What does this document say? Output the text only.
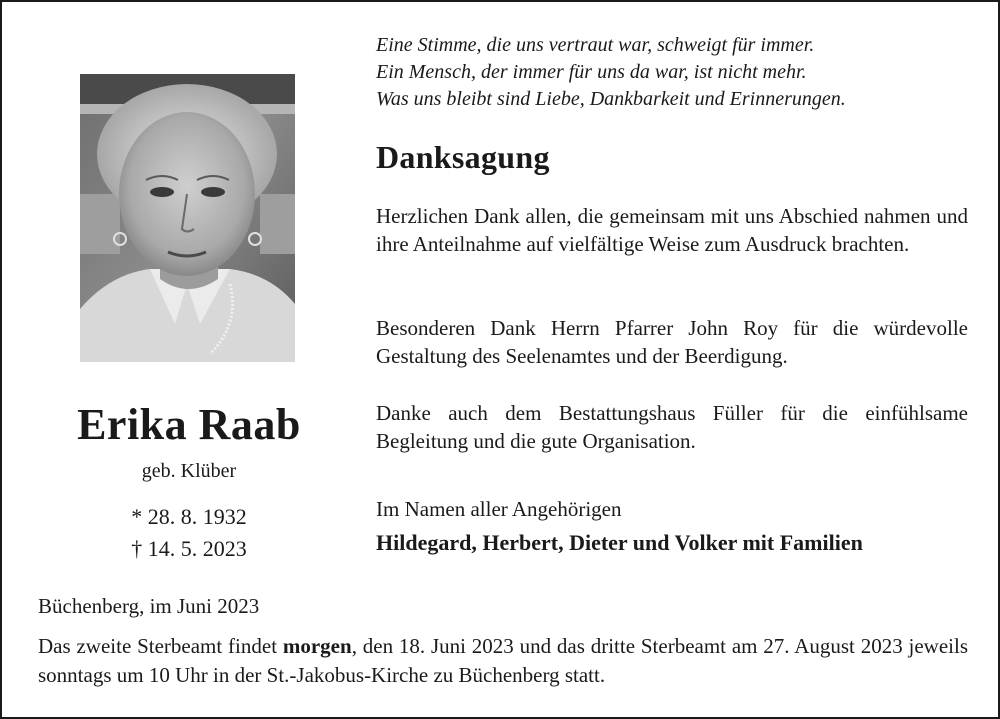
Eine Stimme, die uns vertraut war, schweigt für immer.
Ein Mensch, der immer für uns da war, ist nicht mehr.
Was uns bleibt sind Liebe, Dankbarkeit und Erinnerungen.
Danksagung
Herzlichen Dank allen, die gemeinsam mit uns Abschied nahmen und ihre Anteilnahme auf vielfältige Weise zum Ausdruck brachten.
Besonderen Dank Herrn Pfarrer John Roy für die würdevolle Gestaltung des Seelenamtes und der Beerdigung.
Danke auch dem Bestattungshaus Füller für die einfühlsame Begleitung und die gute Organisation.
Im Namen aller Angehörigen
Hildegard, Herbert, Dieter und Volker mit Familien
Erika Raab
geb. Klüber
* 28. 8. 1932
† 14. 5. 2023
Büchenberg, im Juni 2023
Das zweite Sterbeamt findet morgen, den 18. Juni 2023 und das dritte Sterbeamt am 27. August 2023 jeweils sonntags um 10 Uhr in der St.-Jakobus-Kirche zu Büchenberg statt.
